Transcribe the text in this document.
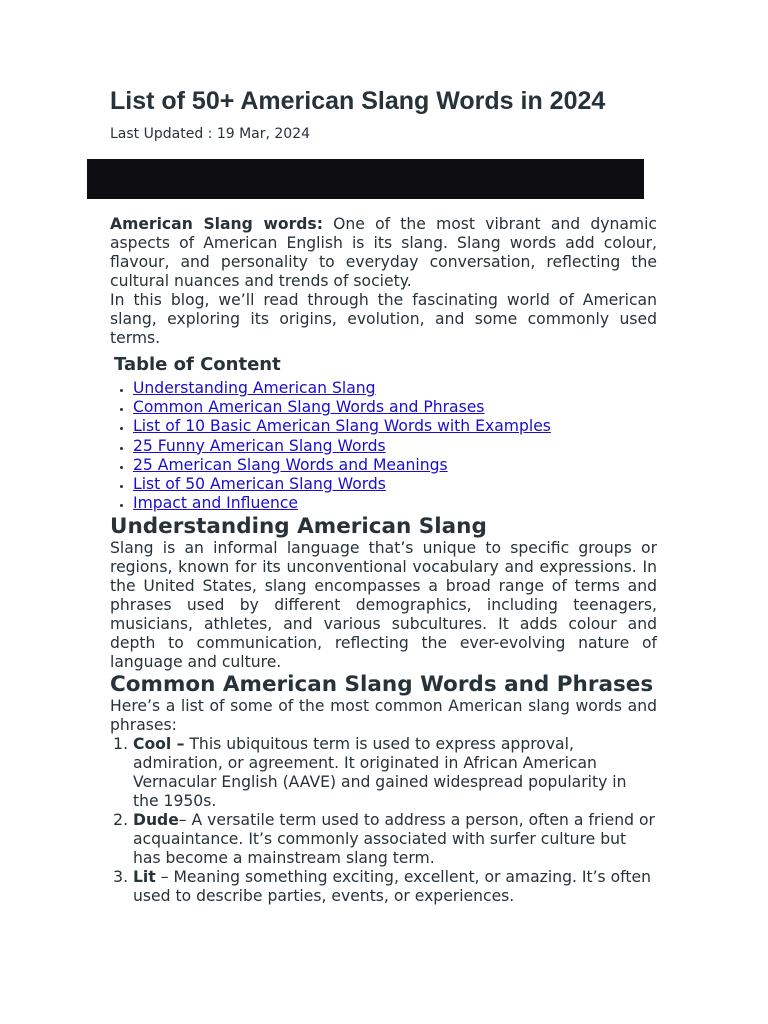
List of 50+ American Slang Words in 2024
Last Updated : 19 Mar, 2024

American Slang words: One of the most vibrant and dynamic aspects of American English is its slang. Slang words add colour, flavour, and personality to everyday conversation, reflecting the cultural nuances and trends of society.

In this blog, we’ll read through the fascinating world of American slang, exploring its origins, evolution, and some commonly used terms.

Table of Content
• Understanding American Slang
• Common American Slang Words and Phrases
• List of 10 Basic American Slang Words with Examples
• 25 Funny American Slang Words
• 25 American Slang Words and Meanings
• List of 50 American Slang Words
• Impact and Influence
Understanding American Slang

Slang is an informal language that’s unique to specific groups or regions, known for its unconventional vocabulary and expressions. In the United States, slang encompasses a broad range of terms and phrases used by different demographics, including teenagers, musicians, athletes, and various subcultures. It adds colour and depth to communication, reflecting the ever-evolving nature of language and culture.

Common American Slang Words and Phrases

Here’s a list of some of the most common American slang words and phrases:

1. Cool – This ubiquitous term is used to express approval, admiration, or agreement. It originated in African American Vernacular English (AAVE) and gained widespread popularity in the 1950s.
2. Dude– A versatile term used to address a person, often a friend or acquaintance. It’s commonly associated with surfer culture but has become a mainstream slang term.
3. Lit – Meaning something exciting, excellent, or amazing. It’s often used to describe parties, events, or experiences.
